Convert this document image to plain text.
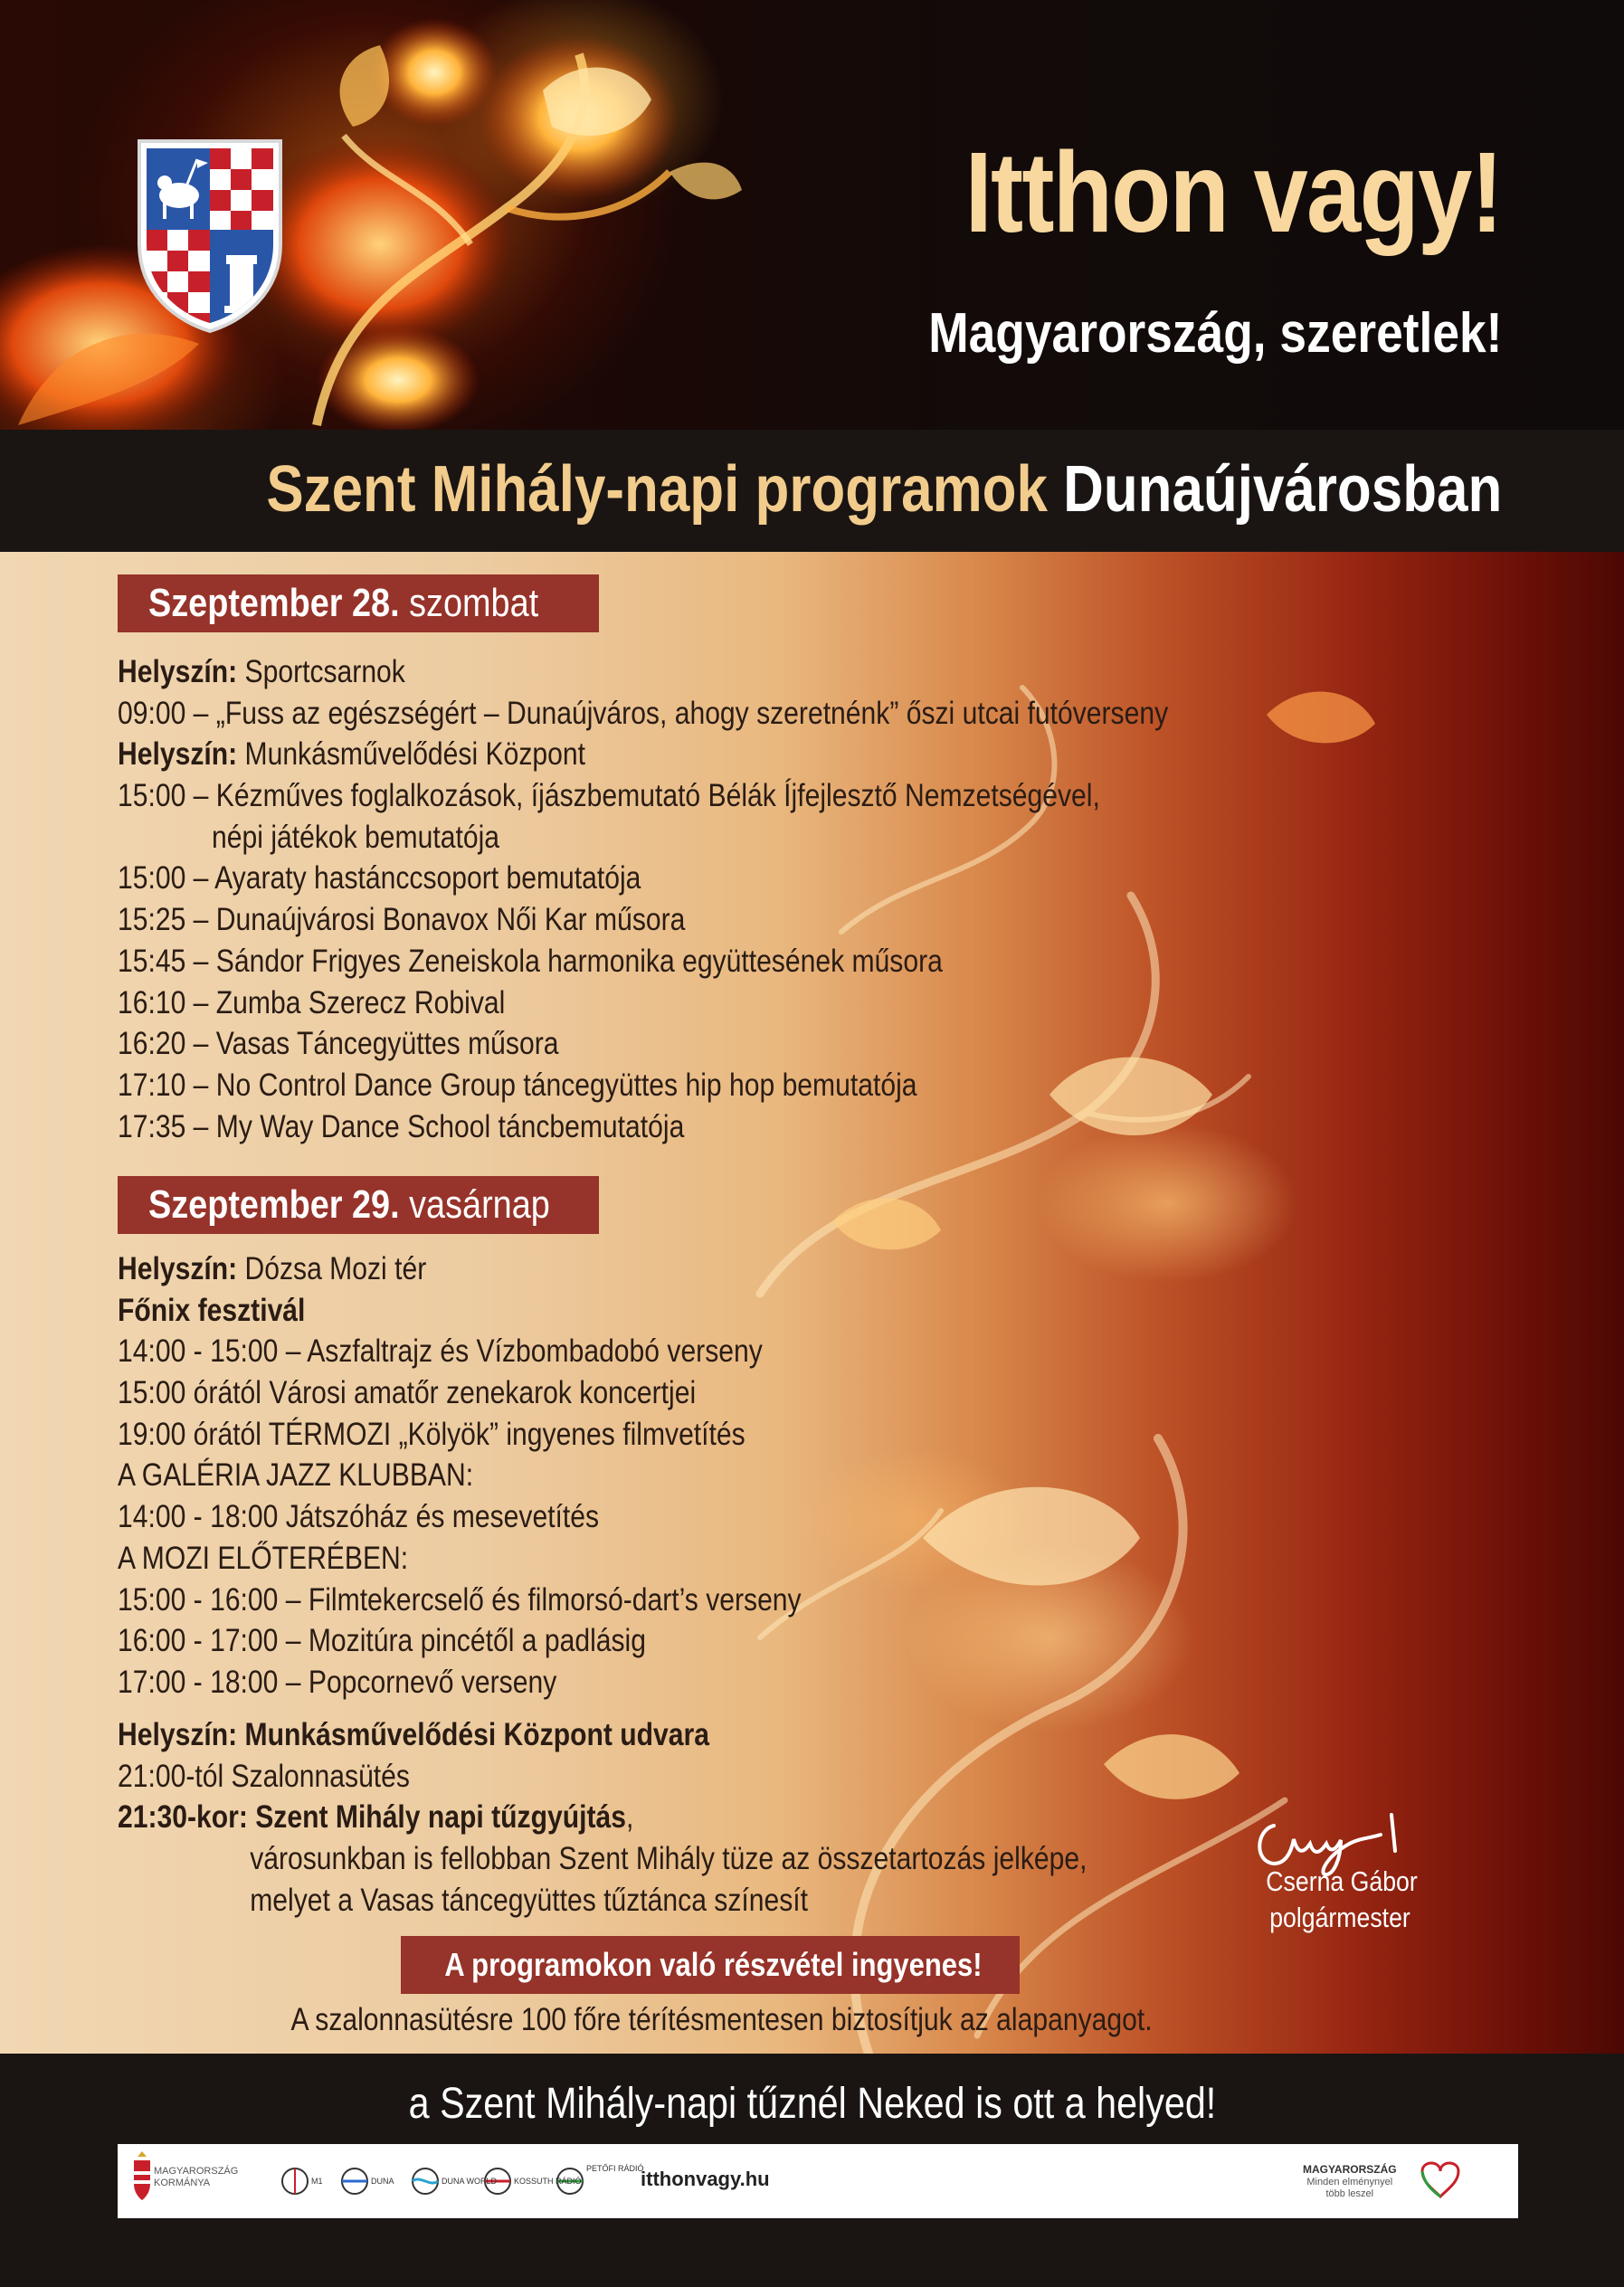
Itthon vagy!
Magyarország, szeretlek!

Szent Mihály-napi programok Dunaújvárosban

Szeptember 28. szombat
Helyszín: Sportcsarnok
09:00 – „Fuss az egészségért – Dunaújváros, ahogy szeretnénk” őszi utcai futóverseny
Helyszín: Munkásművelődési Központ
15:00 – Kézműves foglalkozások, íjászbemutató Bélák Íjfejlesztő Nemzetségével,
népi játékok bemutatója
15:00 – Ayaraty hastánccsoport bemutatója
15:25 – Dunaújvárosi Bonavox Női Kar műsora
15:45 – Sándor Frigyes Zeneiskola harmonika együttesének műsora
16:10 – Zumba Szerecz Robival
16:20 – Vasas Táncegyüttes műsora
17:10 – No Control Dance Group táncegyüttes hip hop bemutatója
17:35 – My Way Dance School táncbemutatója
Szeptember 29. vasárnap
Helyszín: Dózsa Mozi tér
Főnix fesztivál
14:00 - 15:00 – Aszfaltrajz és Vízbombadobó verseny
15:00 órától Városi amatőr zenekarok koncertjei
19:00 órától TÉRMOZI „Kölyök” ingyenes filmvetítés
A GALÉRIA JAZZ KLUBBAN:
14:00 - 18:00 Játszóház és mesevetítés
A MOZI ELŐTERÉBEN:
15:00 - 16:00 – Filmtekercselő és filmorsó-dart’s verseny
16:00 - 17:00 – Mozitúra pincétől a padlásig
17:00 - 18:00 – Popcornevő verseny
Helyszín: Munkásművelődési Központ udvara
21:00-tól Szalonnasütés
21:30-kor: Szent Mihály napi tűzgyújtás,
városunkban is fellobban Szent Mihály tüze az összetartozás jelképe,
melyet a Vasas táncegyüttes tűztánca színesít
Cserna Gábor
polgármester
A programokon való részvétel ingyenes!
A szalonnasütésre 100 főre térítésmentesen biztosítjuk az alapanyagot.
a Szent Mihály-napi tűznél Neked is ott a helyed!
MAGYARORSZÁG
KORMÁNYA	M1	DUNA	DUNA WORLD KOSSUTH RÁDIÓ
PETŐFI RÁDIÓ
itthonvagy.hu	MAGYARORSZÁG
Minden elménynyel
több leszel
